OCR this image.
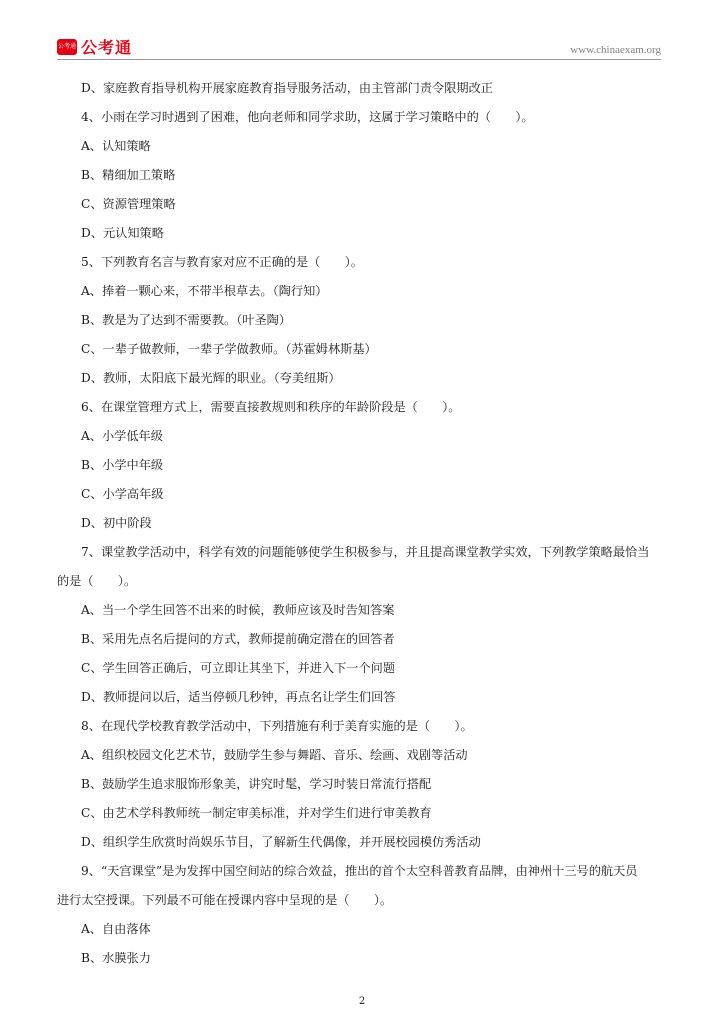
公考通 公考通	www.chinaexam.org
D、家庭教育指导机构开展家庭教育指导服务活动，由主管部门责令限期改正
4、小雨在学习时遇到了困难，他向老师和同学求助，这属于学习策略中的（　　）。
A、认知策略
B、精细加工策略
C、资源管理策略
D、元认知策略
5、下列教育名言与教育家对应不正确的是（　　）。
A、捧着一颗心来，不带半根草去。（陶行知）
B、教是为了达到不需要教。（叶圣陶）
C、一辈子做教师，一辈子学做教师。（苏霍姆林斯基）
D、教师，太阳底下最光辉的职业。（夸美纽斯）
6、在课堂管理方式上，需要直接教规则和秩序的年龄阶段是（　　）。
A、小学低年级
B、小学中年级
C、小学高年级
D、初中阶段
7、课堂教学活动中，科学有效的问题能够使学生积极参与，并且提高课堂教学实效，下列教学策略最恰当
的是（　　）。
A、当一个学生回答不出来的时候，教师应该及时告知答案
B、采用先点名后提问的方式，教师提前确定潜在的回答者
C、学生回答正确后，可立即让其坐下，并进入下一个问题
D、教师提问以后，适当停顿几秒钟，再点名让学生们回答
8、在现代学校教育教学活动中，下列措施有利于美育实施的是（　　）。
A、组织校园文化艺术节，鼓励学生参与舞蹈、音乐、绘画、戏剧等活动
B、鼓励学生追求服饰形象美，讲究时髦，学习时装日常流行搭配
C、由艺术学科教师统一制定审美标准，并对学生们进行审美教育
D、组织学生欣赏时尚娱乐节目，了解新生代偶像，并开展校园模仿秀活动
9、“天宫课堂”是为发挥中国空间站的综合效益，推出的首个太空科普教育品牌，由神州十三号的航天员
进行太空授课。下列最不可能在授课内容中呈现的是（　　）。
A、自由落体
B、水膜张力
2
